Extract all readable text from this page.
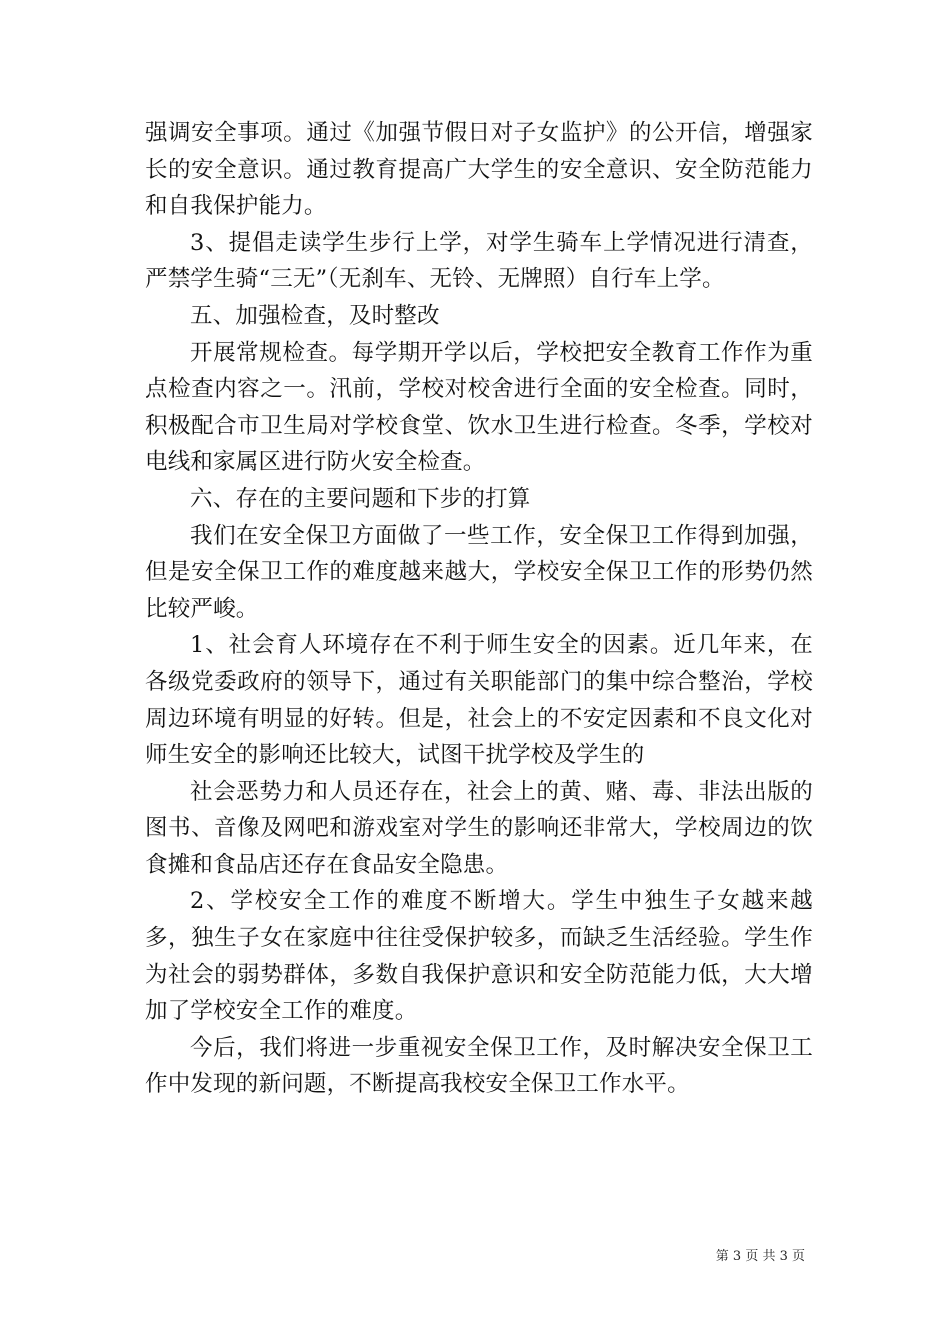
强调安全事项。通过《加强节假日对子女监护》的公开信，增强家长的安全意识。通过教育提高广大学生的安全意识、安全防范能力和自我保护能力。

3、提倡走读学生步行上学，对学生骑车上学情况进行清查，严禁学生骑“三无”（无刹车、无铃、无牌照）自行车上学。

五、加强检查，及时整改

开展常规检查。每学期开学以后，学校把安全教育工作作为重点检查内容之一。汛前，学校对校舍进行全面的安全检查。同时，积极配合市卫生局对学校食堂、饮水卫生进行检查。冬季，学校对电线和家属区进行防火安全检查。

六、存在的主要问题和下步的打算

我们在安全保卫方面做了一些工作，安全保卫工作得到加强，但是安全保卫工作的难度越来越大，学校安全保卫工作的形势仍然比较严峻。

1、社会育人环境存在不利于师生安全的因素。近几年来，在各级党委政府的领导下，通过有关职能部门的集中综合整治，学校周边环境有明显的好转。但是，社会上的不安定因素和不良文化对师生安全的影响还比较大，试图干扰学校及学生的

社会恶势力和人员还存在，社会上的黄、赌、毒、非法出版的图书、音像及网吧和游戏室对学生的影响还非常大，学校周边的饮食摊和食品店还存在食品安全隐患。

2、学校安全工作的难度不断增大。学生中独生子女越来越多，独生子女在家庭中往往受保护较多，而缺乏生活经验。学生作为社会的弱势群体，多数自我保护意识和安全防范能力低，大大增加了学校安全工作的难度。

今后，我们将进一步重视安全保卫工作，及时解决安全保卫工作中发现的新问题，不断提高我校安全保卫工作水平。

第 3 页 共 3 页
